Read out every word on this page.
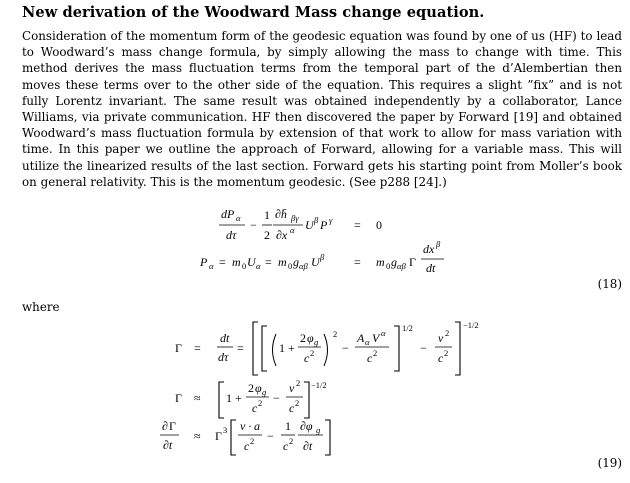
New derivation of the Woodward Mass change equation.

Consideration of the momentum form of the geodesic equation was found by one of us (HF) to lead to Woodward’s mass change formula, by simply allowing the mass to change with time. This method derives the mass fluctuation terms from the temporal part of the d’Alembertian then moves these terms over to the other side of the equation. This requires a slight ”fix” and is not fully Lorentz invariant. The same result was obtained independently by a collaborator, Lance Williams, via private communication. HF then discovered the paper by Forward [19] and obtained Woodward’s mass fluctuation formula by extension of that work to allow for mass variation with time. In this paper we outline the approach of Forward, allowing for a variable mass. This will utilize the linearized results of the last section. Forward gets his starting point from Moller’s book on general relativity. This is the momentum geodesic. (See p288 [24].)

dP α
dτ
−
1
2
∂h̄ βγ
∂x α U β P γ = 0
P α = m 0 U α = m 0 g αβ U β = m 0 g αβ Γ
dx β
dt
(18)
where
Γ =
dt
dτ
=	1 +
2 φ g
c 2
2
−
A α V α
c 2
1/2
−
v 2
c 2
−1/2
Γ ≈ 1 +
2 φ g
c 2 −
v 2
c 2
−1/2
∂ Γ
∂t
≈ Γ 3 v · a
c 2 −
1
c 2
∂φ g
∂t
(19)
